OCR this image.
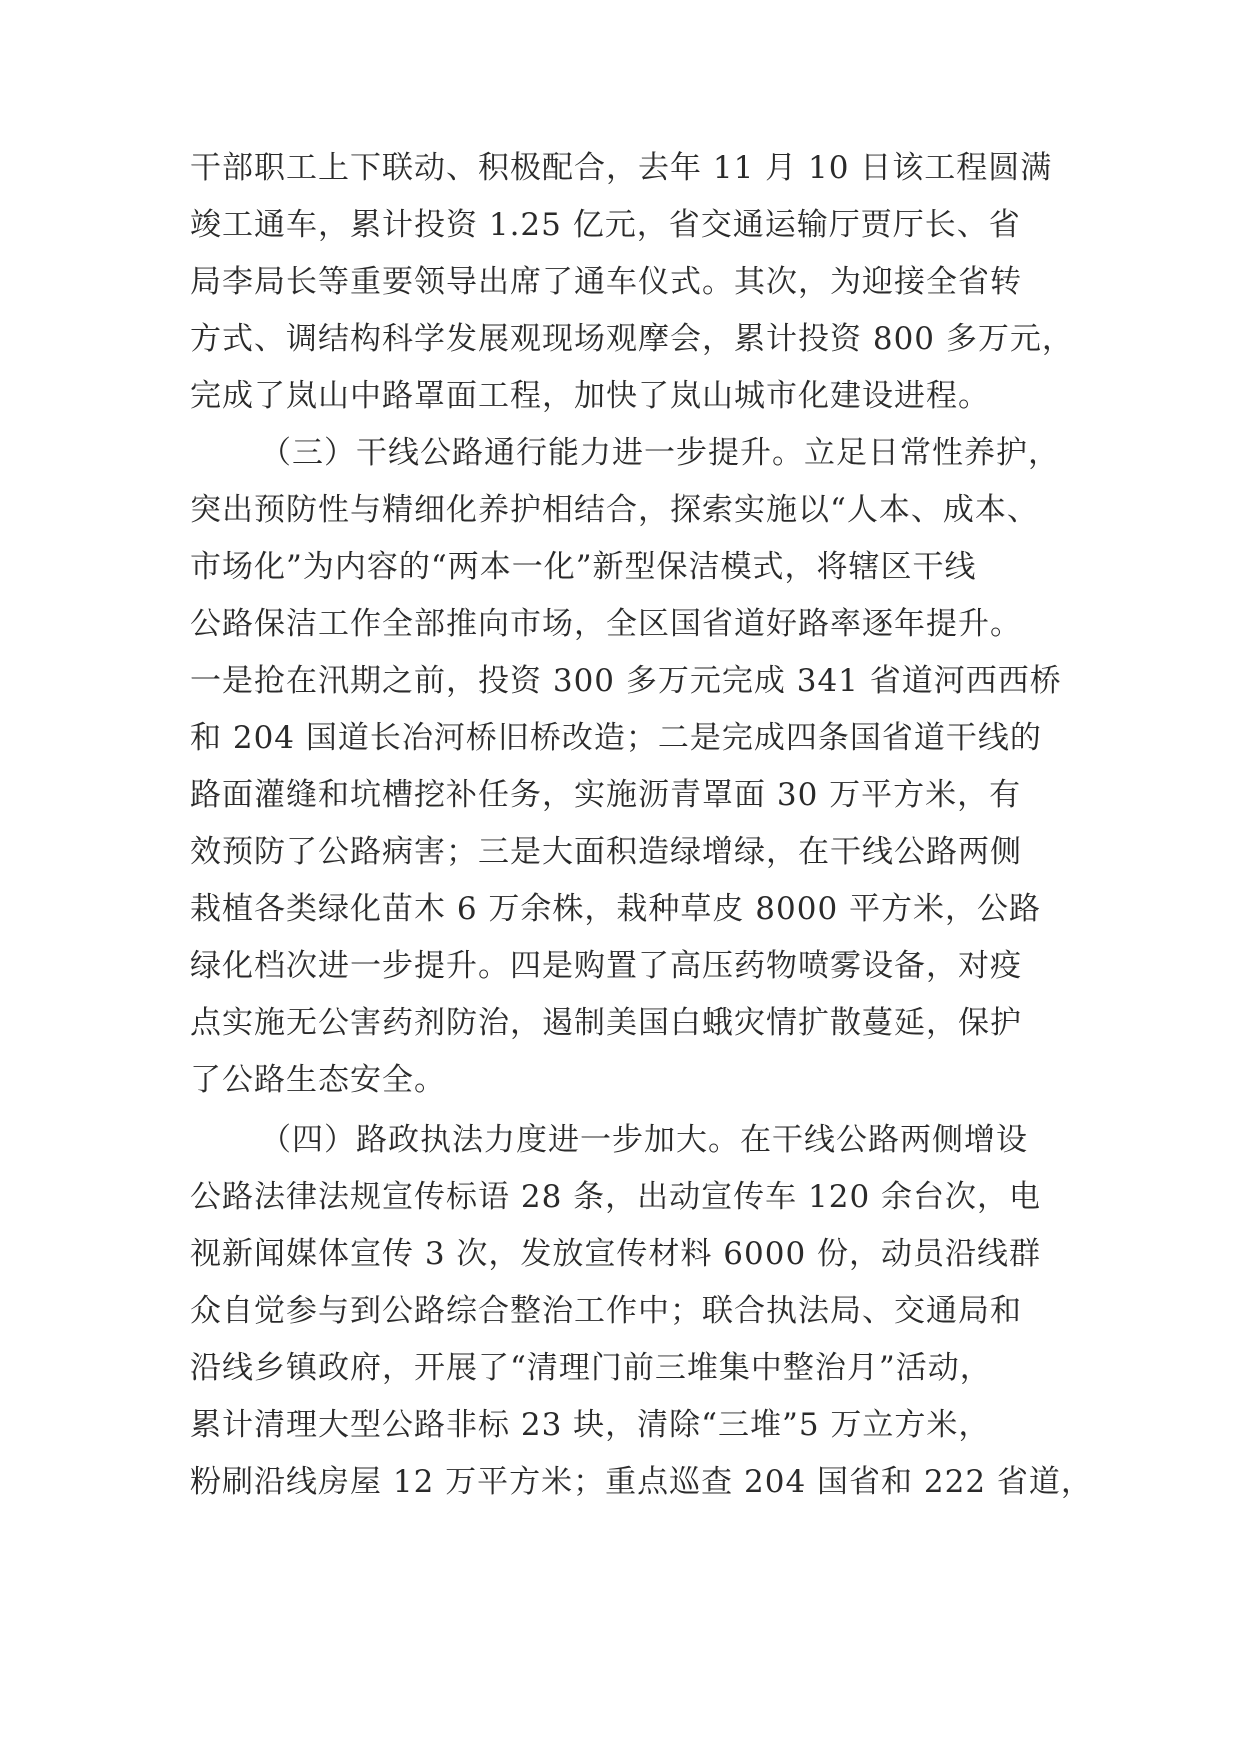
干部职工上下联动、积极配合，去年 11 月 10 日该工程圆满
竣工通车，累计投资 1.25 亿元，省交通运输厅贾厅长、省
局李局长等重要领导出席了通车仪式。其次，为迎接全省转
方式、调结构科学发展观现场观摩会，累计投资 800 多万元，
完成了岚山中路罩面工程，加快了岚山城市化建设进程。
（三）干线公路通行能力进一步提升。立足日常性养护，
突出预防性与精细化养护相结合，探索实施以“人本、成本、
市场化”为内容的“两本一化”新型保洁模式，将辖区干线
公路保洁工作全部推向市场，全区国省道好路率逐年提升。
一是抢在汛期之前，投资 300 多万元完成 341 省道河西西桥
和 204 国道长冶河桥旧桥改造；二是完成四条国省道干线的
路面灌缝和坑槽挖补任务，实施沥青罩面 30 万平方米，有
效预防了公路病害；三是大面积造绿增绿，在干线公路两侧
栽植各类绿化苗木 6 万余株，栽种草皮 8000 平方米，公路
绿化档次进一步提升。四是购置了高压药物喷雾设备，对疫
点实施无公害药剂防治，遏制美国白蛾灾情扩散蔓延，保护
了公路生态安全。
（四）路政执法力度进一步加大。在干线公路两侧增设
公路法律法规宣传标语 28 条，出动宣传车 120 余台次，电
视新闻媒体宣传 3 次，发放宣传材料 6000 份，动员沿线群
众自觉参与到公路综合整治工作中；联合执法局、交通局和
沿线乡镇政府，开展了“清理门前三堆集中整治月”活动，
累计清理大型公路非标 23 块，清除“三堆”5 万立方米，
粉刷沿线房屋 12 万平方米；重点巡查 204 国省和 222 省道，
